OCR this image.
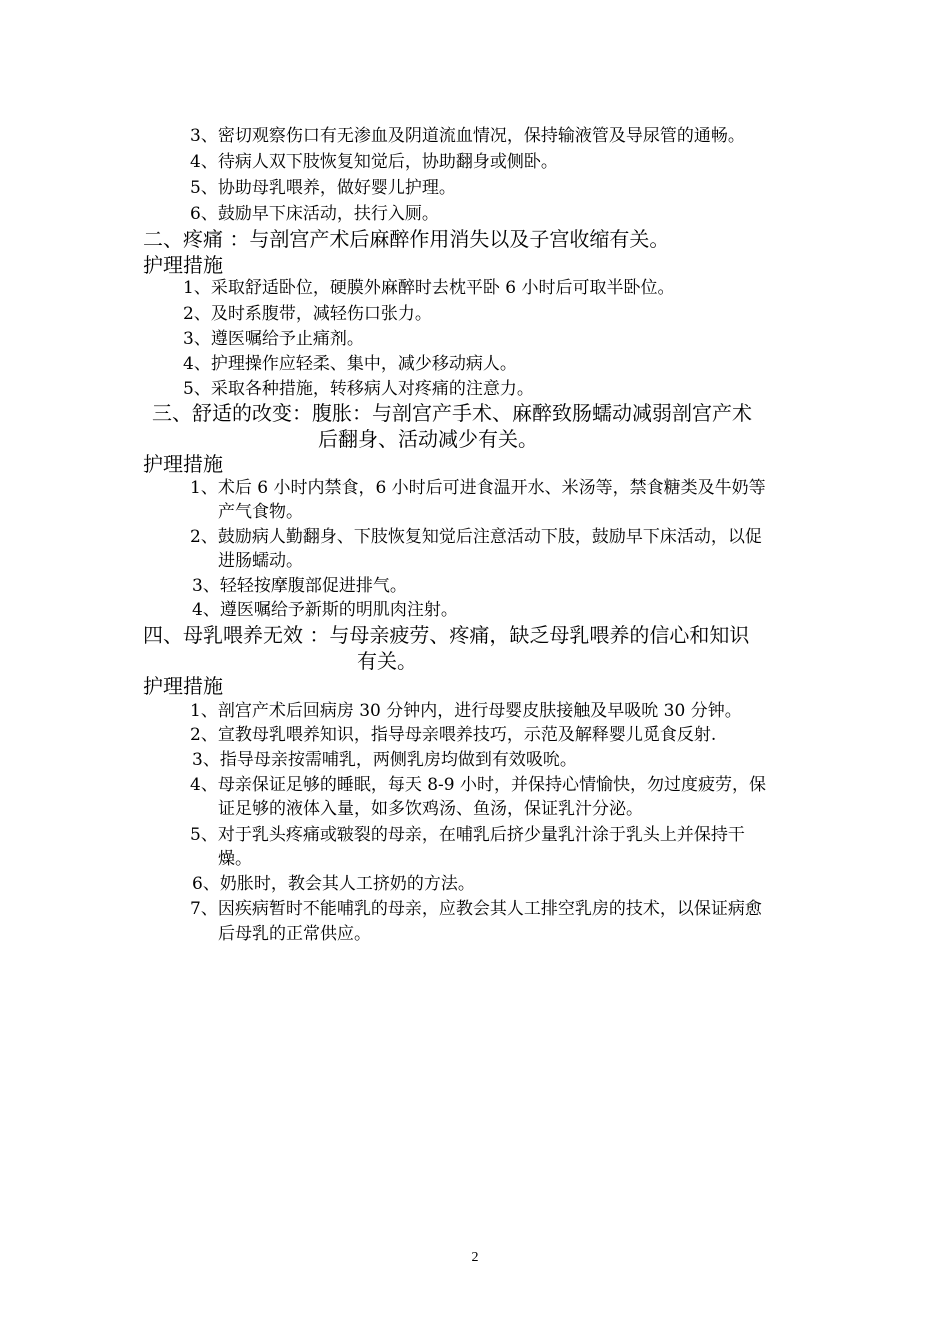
3、密切观察伤口有无渗血及阴道流血情况，保持输液管及导尿管的通畅。
4、待病人双下肢恢复知觉后，协助翻身或侧卧。
5、协助母乳喂养，做好婴儿护理。
6、鼓励早下床活动，扶行入厕。
二、疼痛 ：与剖宫产术后麻醉作用消失以及子宫收缩有关。
护理措施
1、采取舒适卧位，硬膜外麻醉时去枕平卧 6 小时后可取半卧位。
2、及时系腹带，减轻伤口张力。
3、遵医嘱给予止痛剂。
4、护理操作应轻柔、集中，减少移动病人。
5、采取各种措施，转移病人对疼痛的注意力。
三、舒适的改变：腹胀：与剖宫产手术、麻醉致肠蠕动减弱剖宫产术
后翻身、活动减少有关。
护理措施
1、术后 6 小时内禁食，6 小时后可进食温开水、米汤等，禁食糖类及牛奶等
产气食物。
2、鼓励病人勤翻身、下肢恢复知觉后注意活动下肢，鼓励早下床活动，以促
进肠蠕动。
3、轻轻按摩腹部促进排气。
4、遵医嘱给予新斯的明肌肉注射。
四、母乳喂养无效 ：与母亲疲劳、疼痛，缺乏母乳喂养的信心和知识
有关。
护理措施
1、剖宫产术后回病房 30 分钟内，进行母婴皮肤接触及早吸吮 30 分钟。
2、宣教母乳喂养知识，指导母亲喂养技巧，示范及解释婴儿觅食反射.
3、指导母亲按需哺乳，两侧乳房均做到有效吸吮。
4、母亲保证足够的睡眠，每天 8-9 小时，并保持心情愉快，勿过度疲劳，保
证足够的液体入量，如多饮鸡汤、鱼汤，保证乳汁分泌。
5、对于乳头疼痛或皲裂的母亲，在哺乳后挤少量乳汁涂于乳头上并保持干
燥。
6、奶胀时，教会其人工挤奶的方法。
7、因疾病暂时不能哺乳的母亲，应教会其人工排空乳房的技术，以保证病愈
后母乳的正常供应。
2
